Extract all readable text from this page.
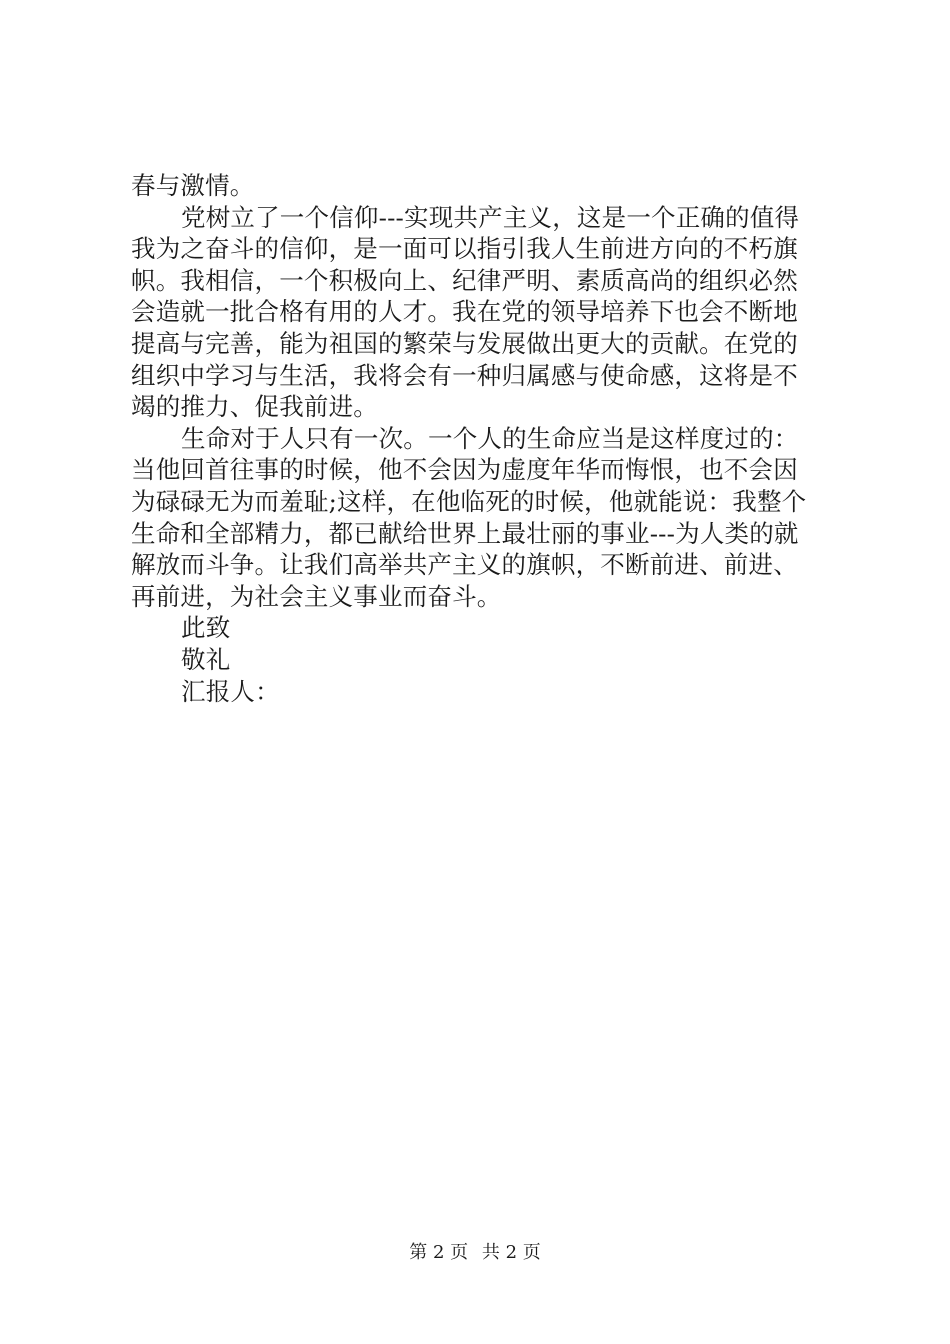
春与激情。
党树立了一个信仰---实现共产主义，这是一个正确的值得
我为之奋斗的信仰，是一面可以指引我人生前进方向的不朽旗
帜。我相信，一个积极向上、纪律严明、素质高尚的组织必然
会造就一批合格有用的人才。我在党的领导培养下也会不断地
提高与完善，能为祖国的繁荣与发展做出更大的贡献。在党的
组织中学习与生活，我将会有一种归属感与使命感，这将是不
竭的推力、促我前进。
生命对于人只有一次。一个人的生命应当是这样度过的：
当他回首往事的时候，他不会因为虚度年华而悔恨，也不会因
为碌碌无为而羞耻;这样，在他临死的时候，他就能说：我整个
生命和全部精力，都已献给世界上最壮丽的事业---为人类的就
解放而斗争。让我们高举共产主义的旗帜，不断前进、前进、
再前进，为社会主义事业而奋斗。
此致
敬礼
汇报人：
第 2 页 共 2 页
